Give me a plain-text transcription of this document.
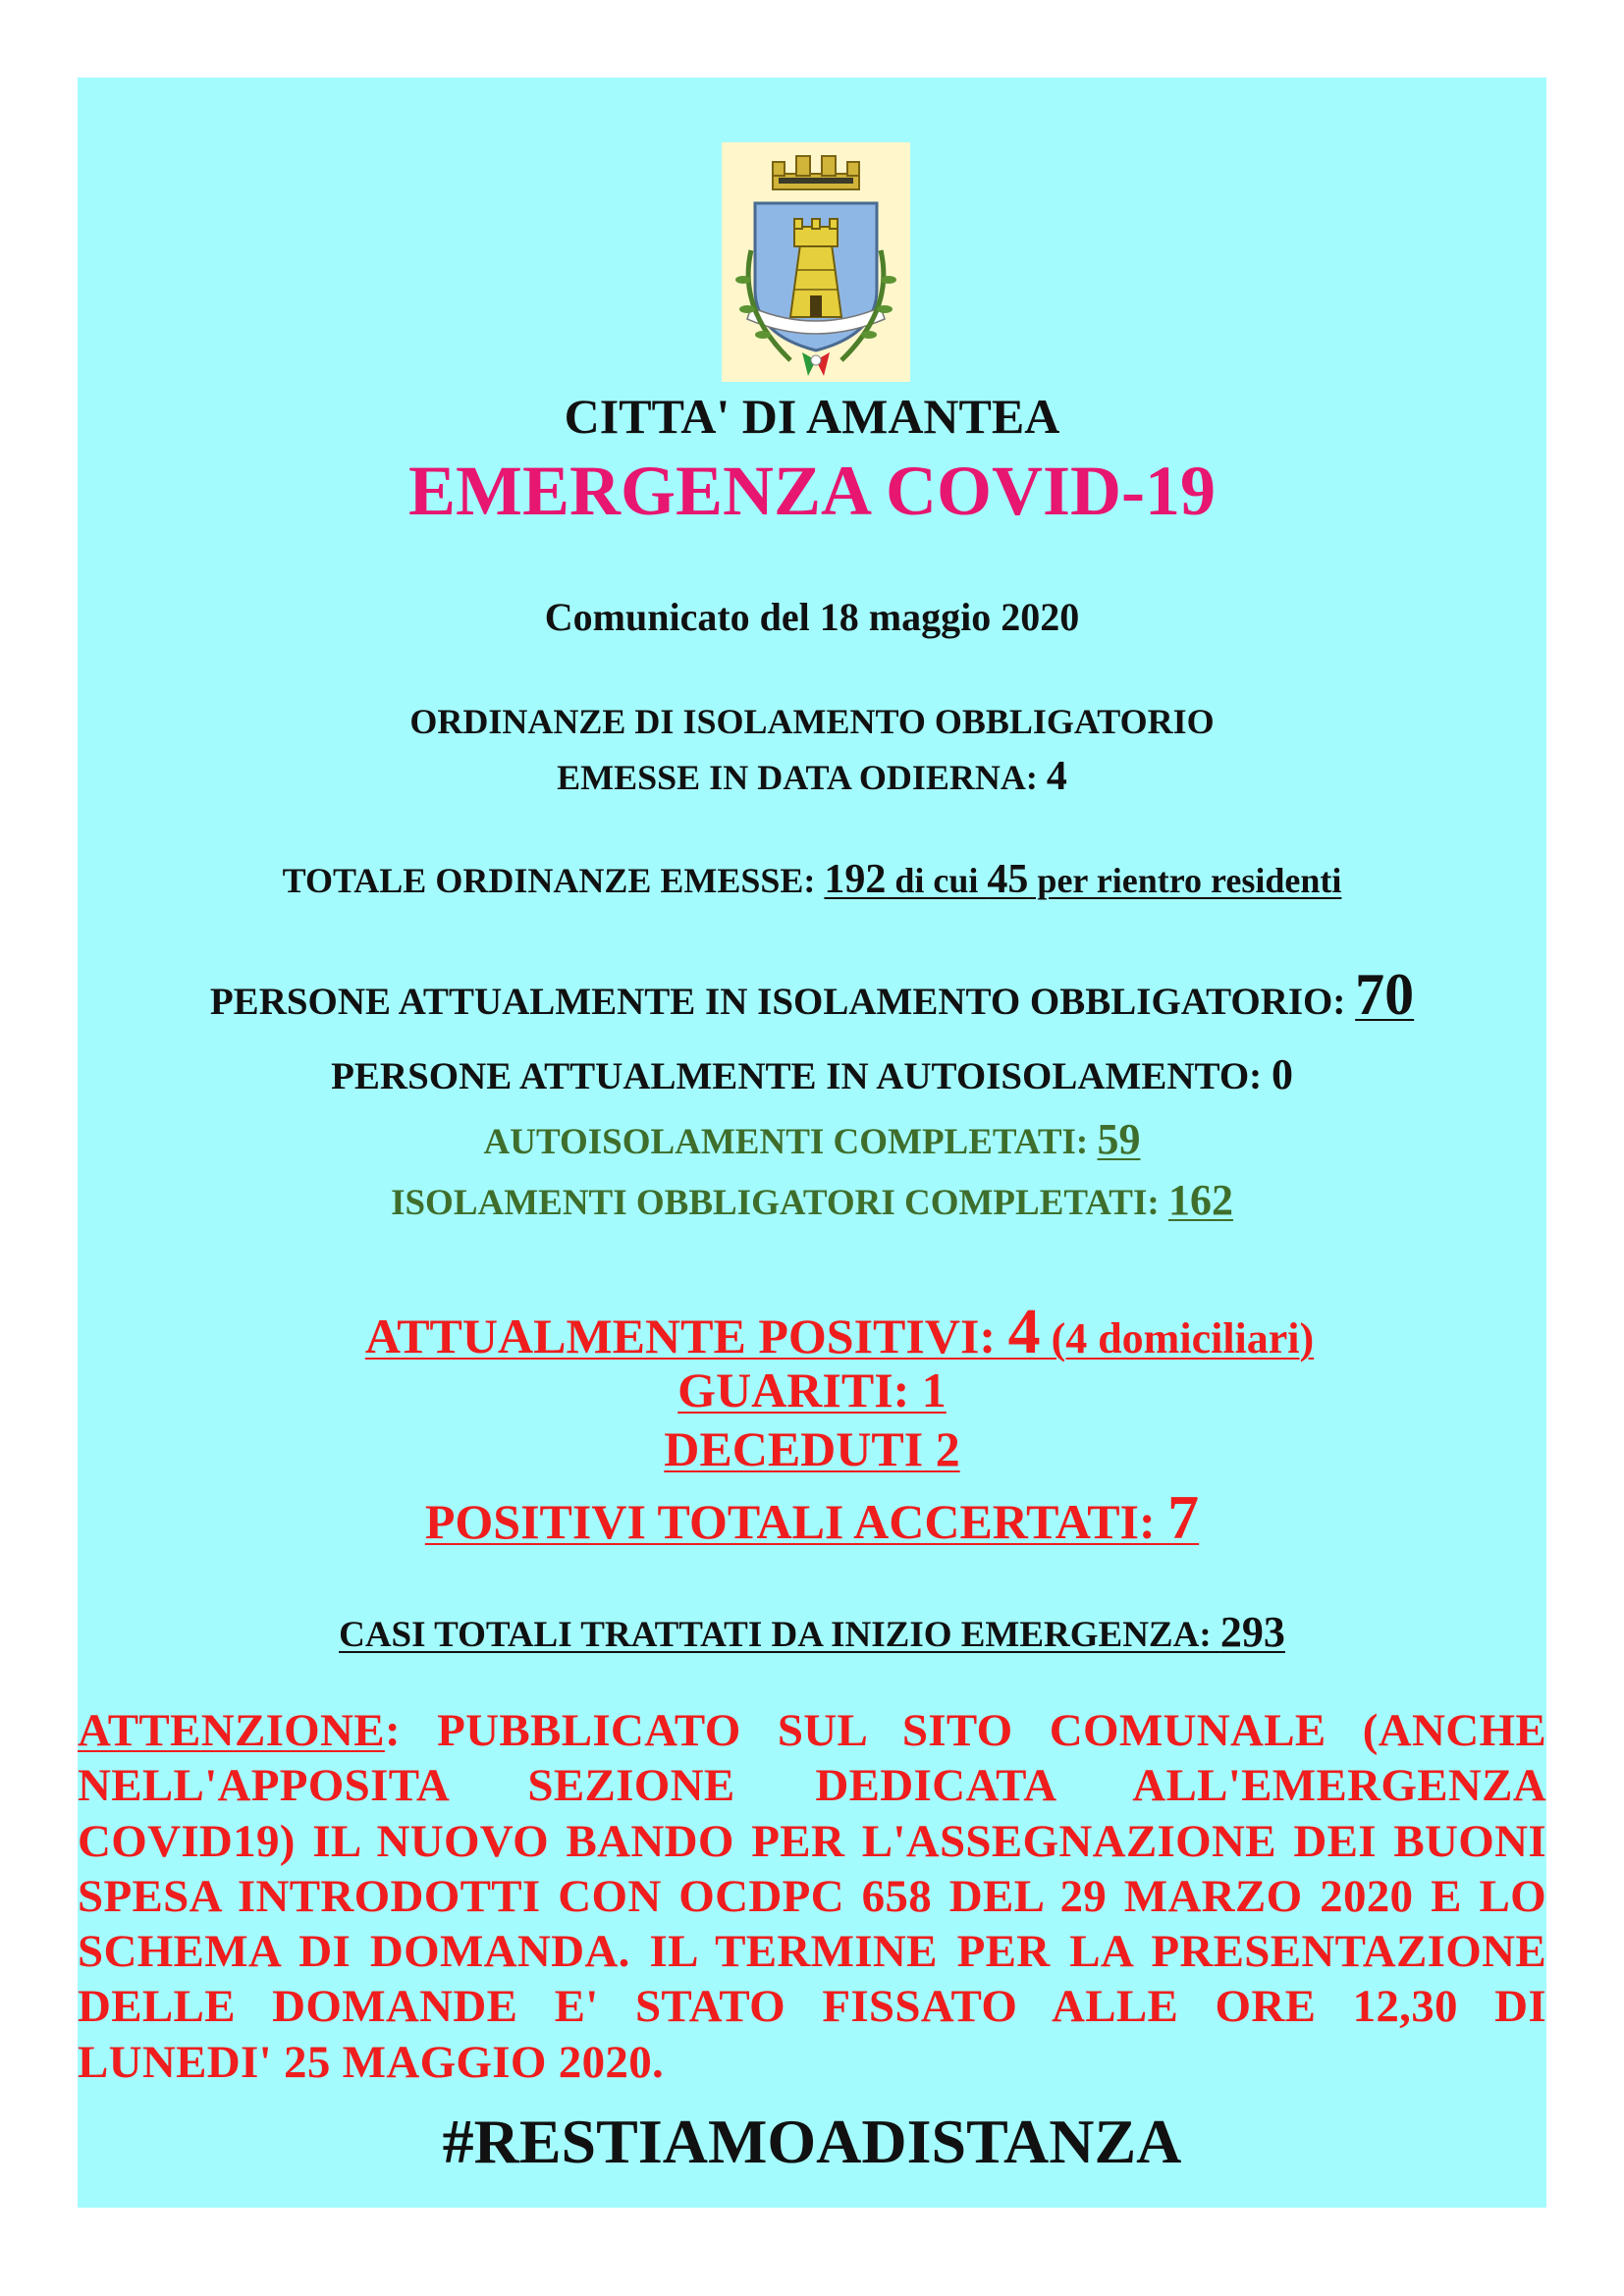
CITTA' DI AMANTEA
EMERGENZA COVID-19
Comunicato del 18 maggio 2020
ORDINANZE DI ISOLAMENTO OBBLIGATORIO
EMESSE IN DATA ODIERNA: 4
TOTALE ORDINANZE EMESSE: 192 di cui 45 per rientro residenti
PERSONE ATTUALMENTE IN ISOLAMENTO OBBLIGATORIO: 70
PERSONE ATTUALMENTE IN AUTOISOLAMENTO: 0
AUTOISOLAMENTI COMPLETATI: 59
ISOLAMENTI OBBLIGATORI COMPLETATI: 162
ATTUALMENTE POSITIVI: 4 (4 domiciliari)
GUARITI: 1
DECEDUTI 2
POSITIVI TOTALI ACCERTATI: 7
CASI TOTALI TRATTATI DA INIZIO EMERGENZA: 293
ATTENZIONE: PUBBLICATO SUL SITO COMUNALE (ANCHE NELL'APPOSITA SEZIONE DEDICATA ALL'EMERGENZA COVID19) IL NUOVO BANDO PER L'ASSEGNAZIONE DEI BUONI SPESA INTRODOTTI CON OCDPC 658 DEL 29 MARZO 2020 E LO SCHEMA DI DOMANDA. IL TERMINE PER LA PRESENTAZIONE DELLE DOMANDE E' STATO FISSATO ALLE ORE 12,30 DI LUNEDI' 25 MAGGIO 2020.
#RESTIAMOADISTANZA
